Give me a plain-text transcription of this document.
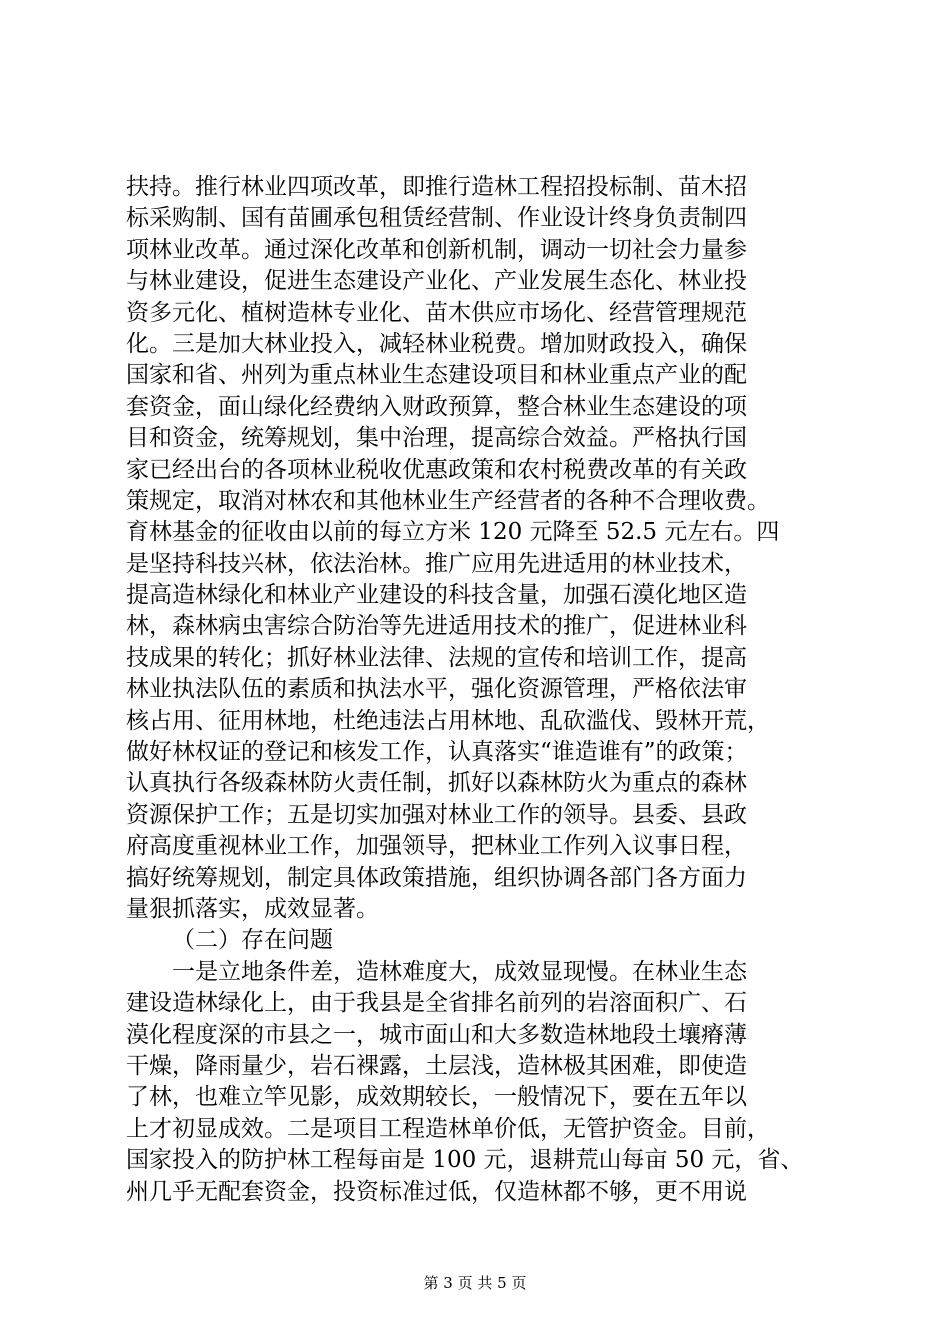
扶持。推行林业四项改革，即推行造林工程招投标制、苗木招
标采购制、国有苗圃承包租赁经营制、作业设计终身负责制四
项林业改革。通过深化改革和创新机制，调动一切社会力量参
与林业建设，促进生态建设产业化、产业发展生态化、林业投
资多元化、植树造林专业化、苗木供应市场化、经营管理规范
化。三是加大林业投入，减轻林业税费。增加财政投入，确保
国家和省、州列为重点林业生态建设项目和林业重点产业的配
套资金，面山绿化经费纳入财政预算，整合林业生态建设的项
目和资金，统筹规划，集中治理，提高综合效益。严格执行国
家已经出台的各项林业税收优惠政策和农村税费改革的有关政
策规定，取消对林农和其他林业生产经营者的各种不合理收费。
育林基金的征收由以前的每立方米 120 元降至 52.5 元左右。四
是坚持科技兴林，依法治林。推广应用先进适用的林业技术，
提高造林绿化和林业产业建设的科技含量，加强石漠化地区造
林，森林病虫害综合防治等先进适用技术的推广，促进林业科
技成果的转化；抓好林业法律、法规的宣传和培训工作，提高
林业执法队伍的素质和执法水平，强化资源管理，严格依法审
核占用、征用林地，杜绝违法占用林地、乱砍滥伐、毁林开荒，
做好林权证的登记和核发工作，认真落实“谁造谁有”的政策；
认真执行各级森林防火责任制，抓好以森林防火为重点的森林
资源保护工作；五是切实加强对林业工作的领导。县委、县政
府高度重视林业工作，加强领导，把林业工作列入议事日程，
搞好统筹规划，制定具体政策措施，组织协调各部门各方面力
量狠抓落实，成效显著。
（二）存在问题
一是立地条件差，造林难度大，成效显现慢。在林业生态
建设造林绿化上，由于我县是全省排名前列的岩溶面积广、石
漠化程度深的市县之一，城市面山和大多数造林地段土壤瘠薄
干燥，降雨量少，岩石裸露，土层浅，造林极其困难，即使造
了林，也难立竿见影，成效期较长，一般情况下，要在五年以
上才初显成效。二是项目工程造林单价低，无管护资金。目前，
国家投入的防护林工程每亩是 100 元，退耕荒山每亩 50 元，省、
州几乎无配套资金，投资标准过低，仅造林都不够，更不用说
第 3 页 共 5 页
